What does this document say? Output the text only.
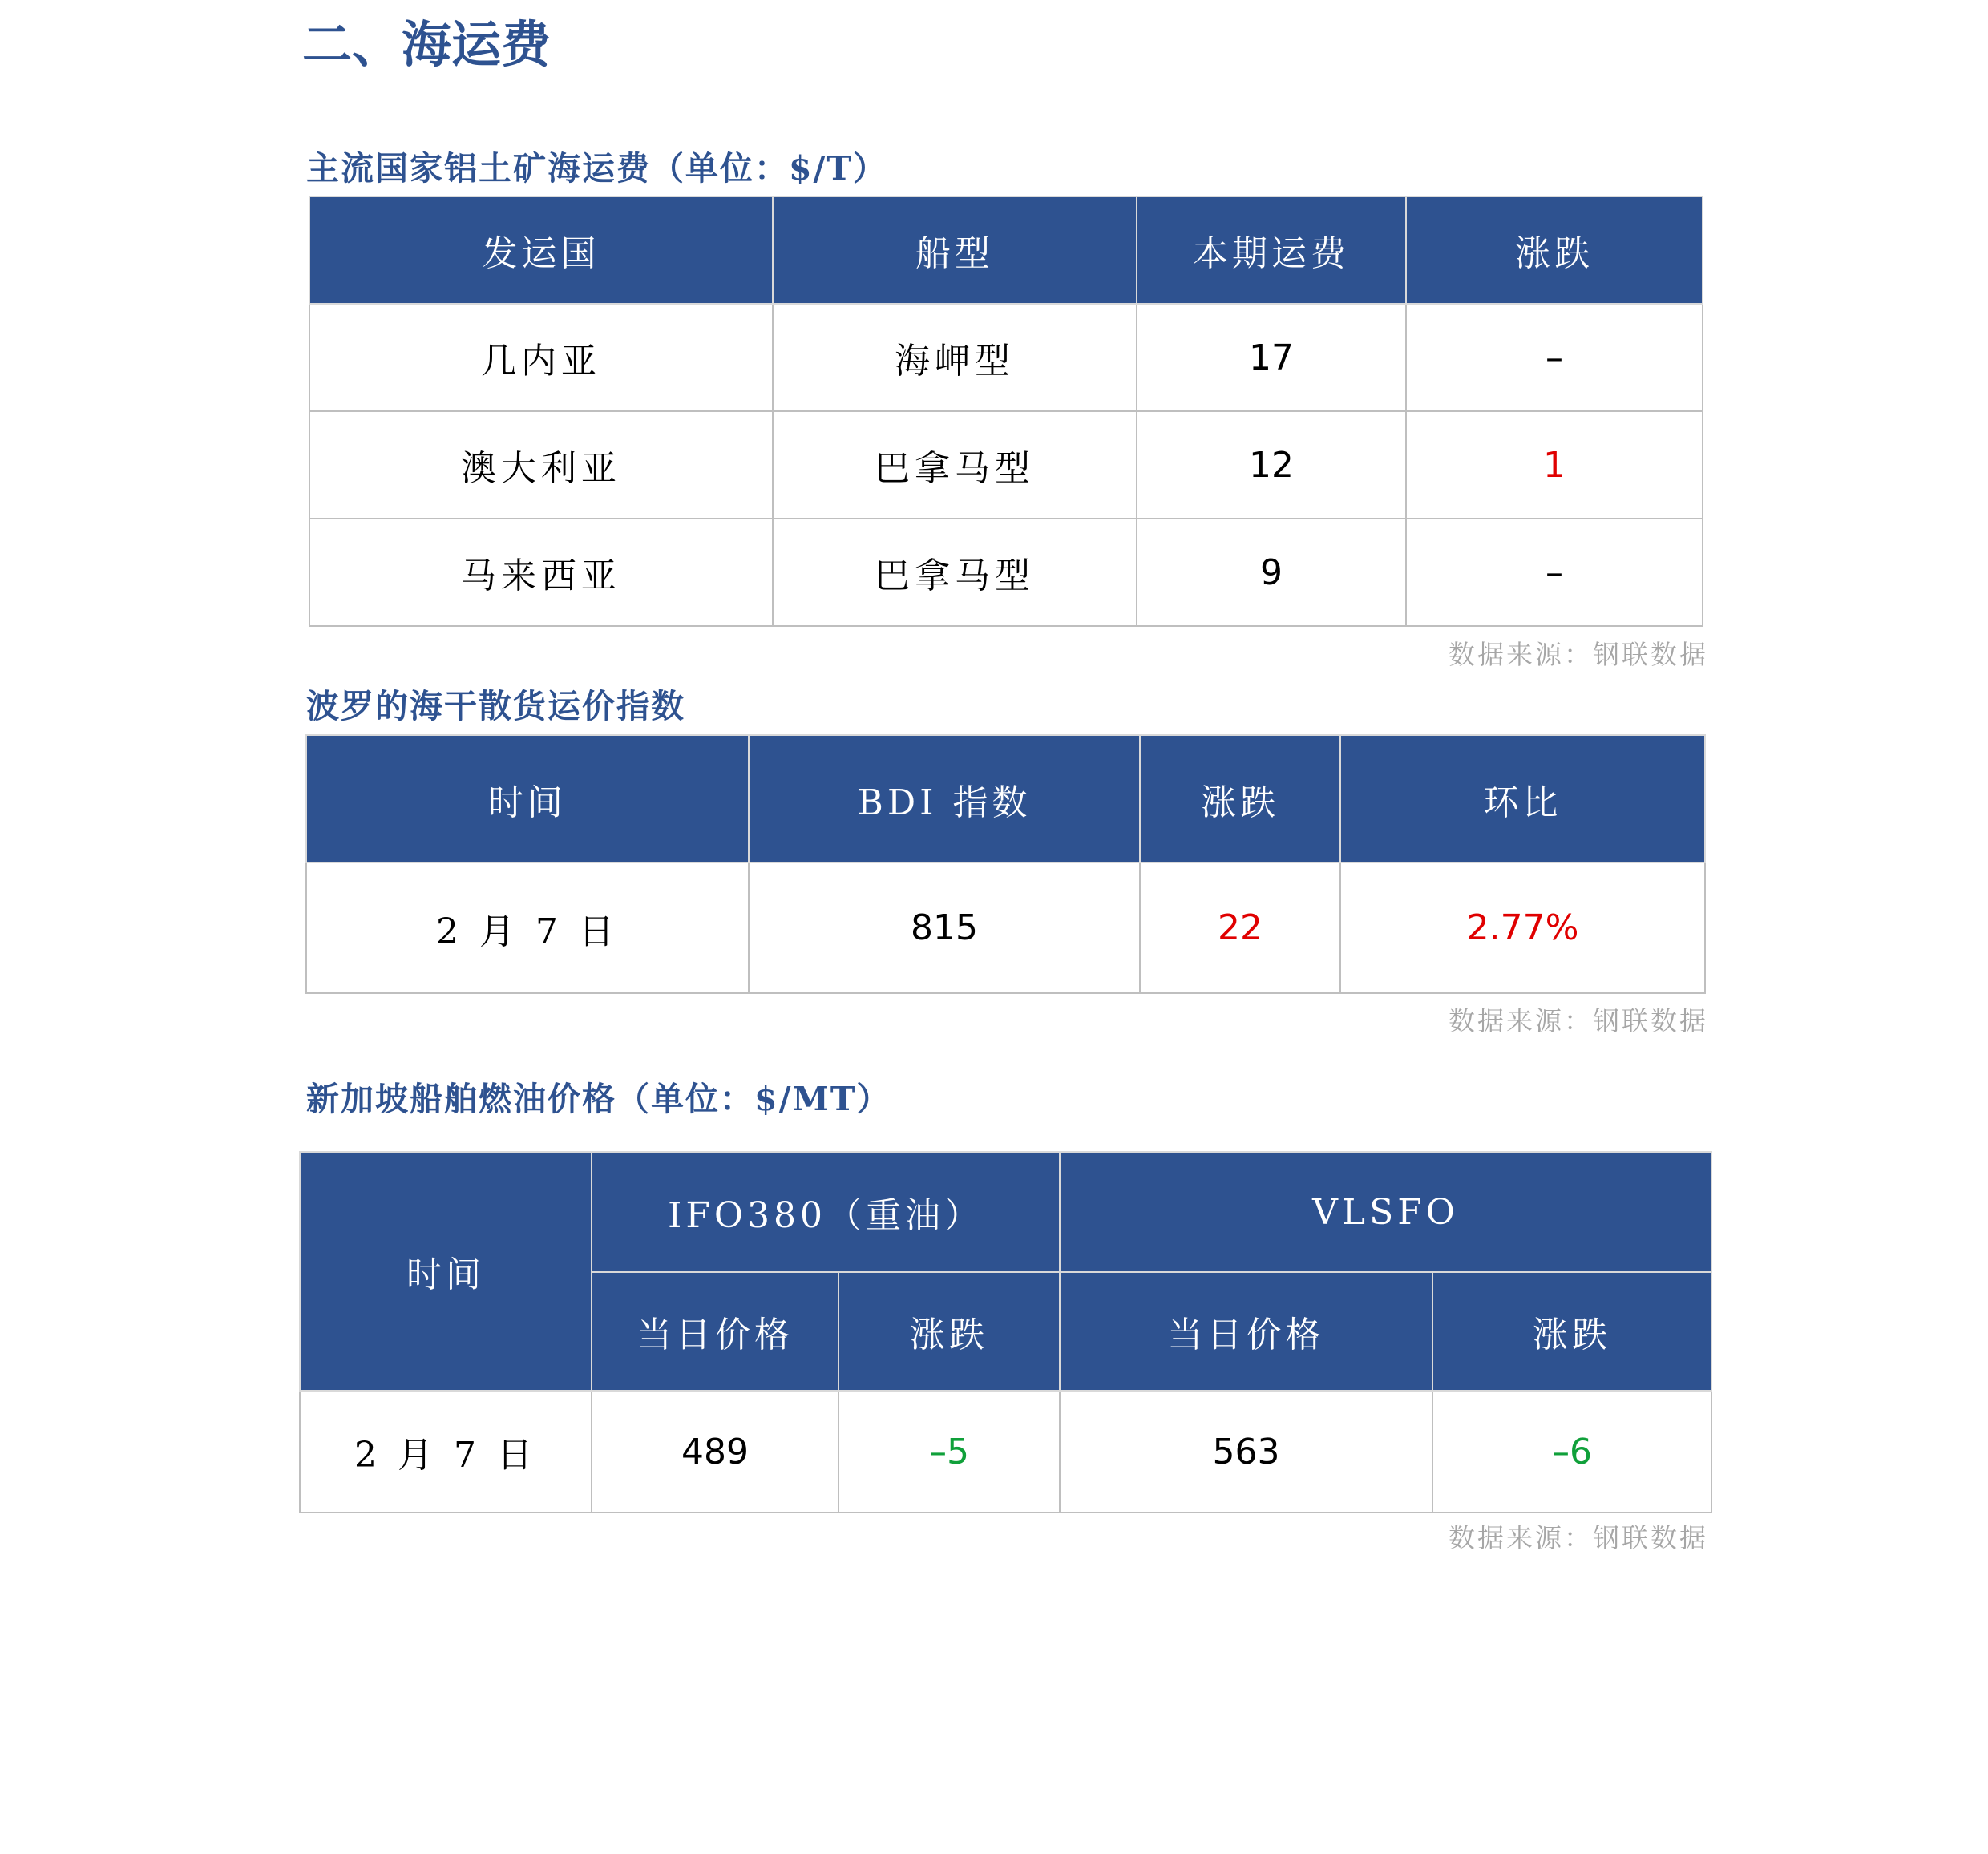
二、海运费

主流国家铝土矿海运费（单位：$/T）

发运国	船型	本期运费	涨跌
几内亚	海岬型	17	–
澳大利亚	巴拿马型	12	1
马来西亚	巴拿马型	9	–

数据来源：钢联数据

波罗的海干散货运价指数

时间	BDI 指数	涨跌	环比
2 月 7 日	815	22	2.77%

数据来源：钢联数据

新加坡船舶燃油价格（单位：$/MT）

时间	IFO380（重油）		VLSFO	
	当日价格	涨跌	当日价格	涨跌
2 月 7 日	489	–5	563	–6

数据来源：钢联数据
